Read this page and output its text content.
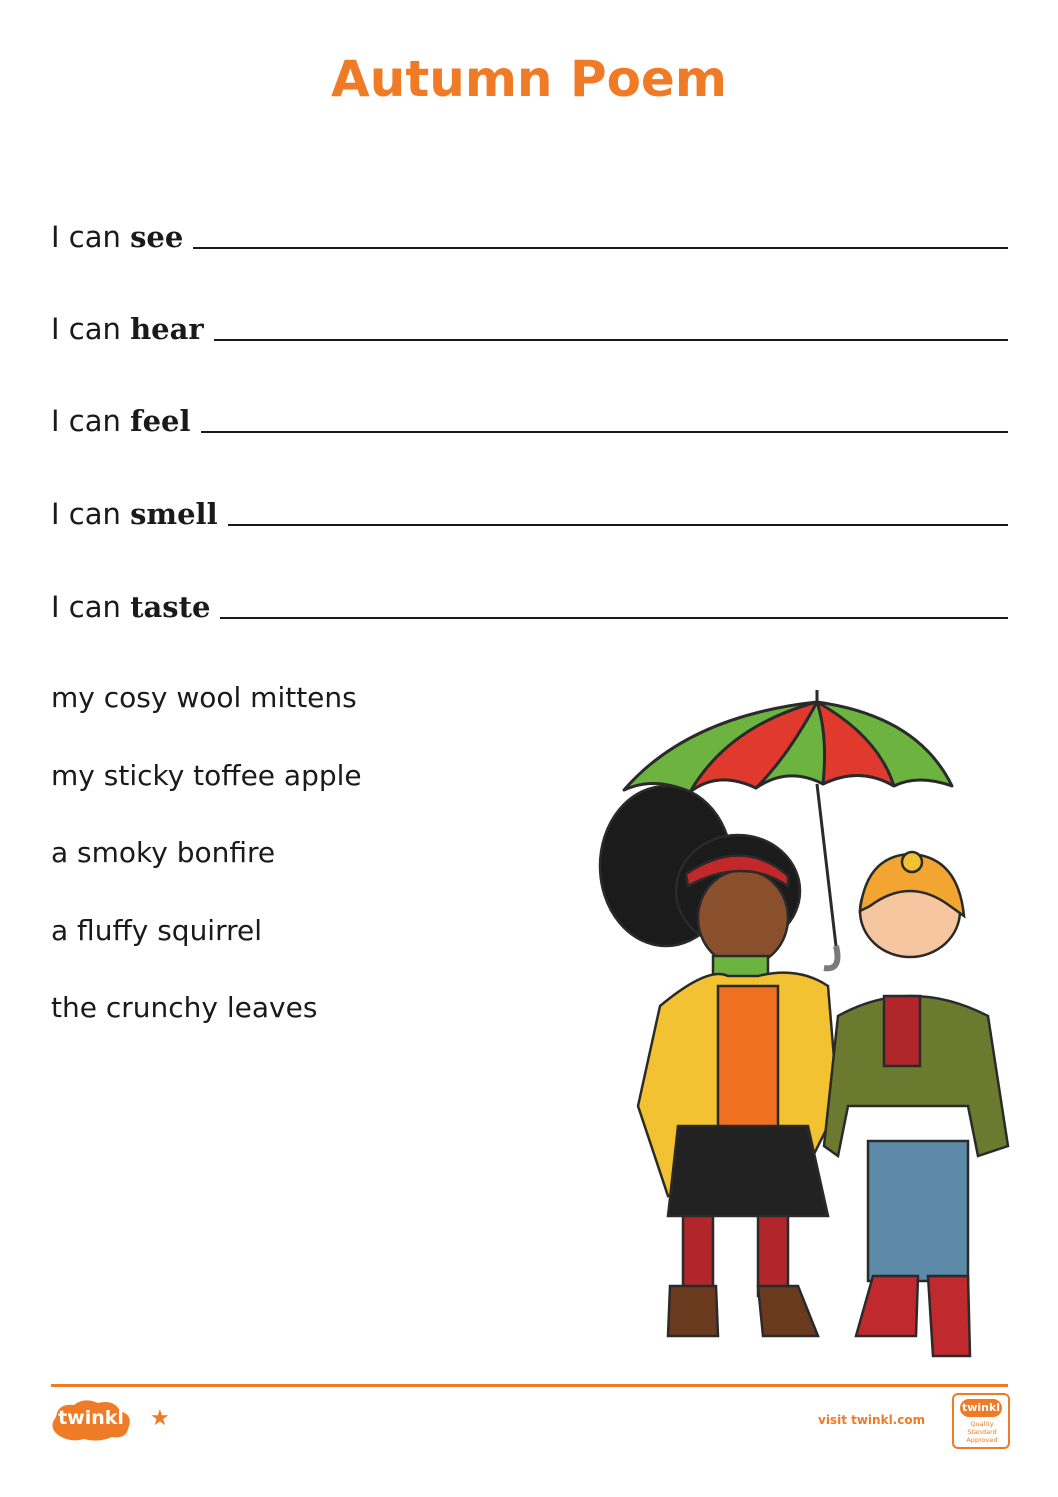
Autumn Poem
I can see
I can hear
I can feel
I can smell
I can taste
my cosy wool mittens
my sticky toffee apple
a smoky bonfire
a fluffy squirrel
the crunchy leaves
twinkl	★	visit twinkl.com
twinkl
Quality Standard Approved
